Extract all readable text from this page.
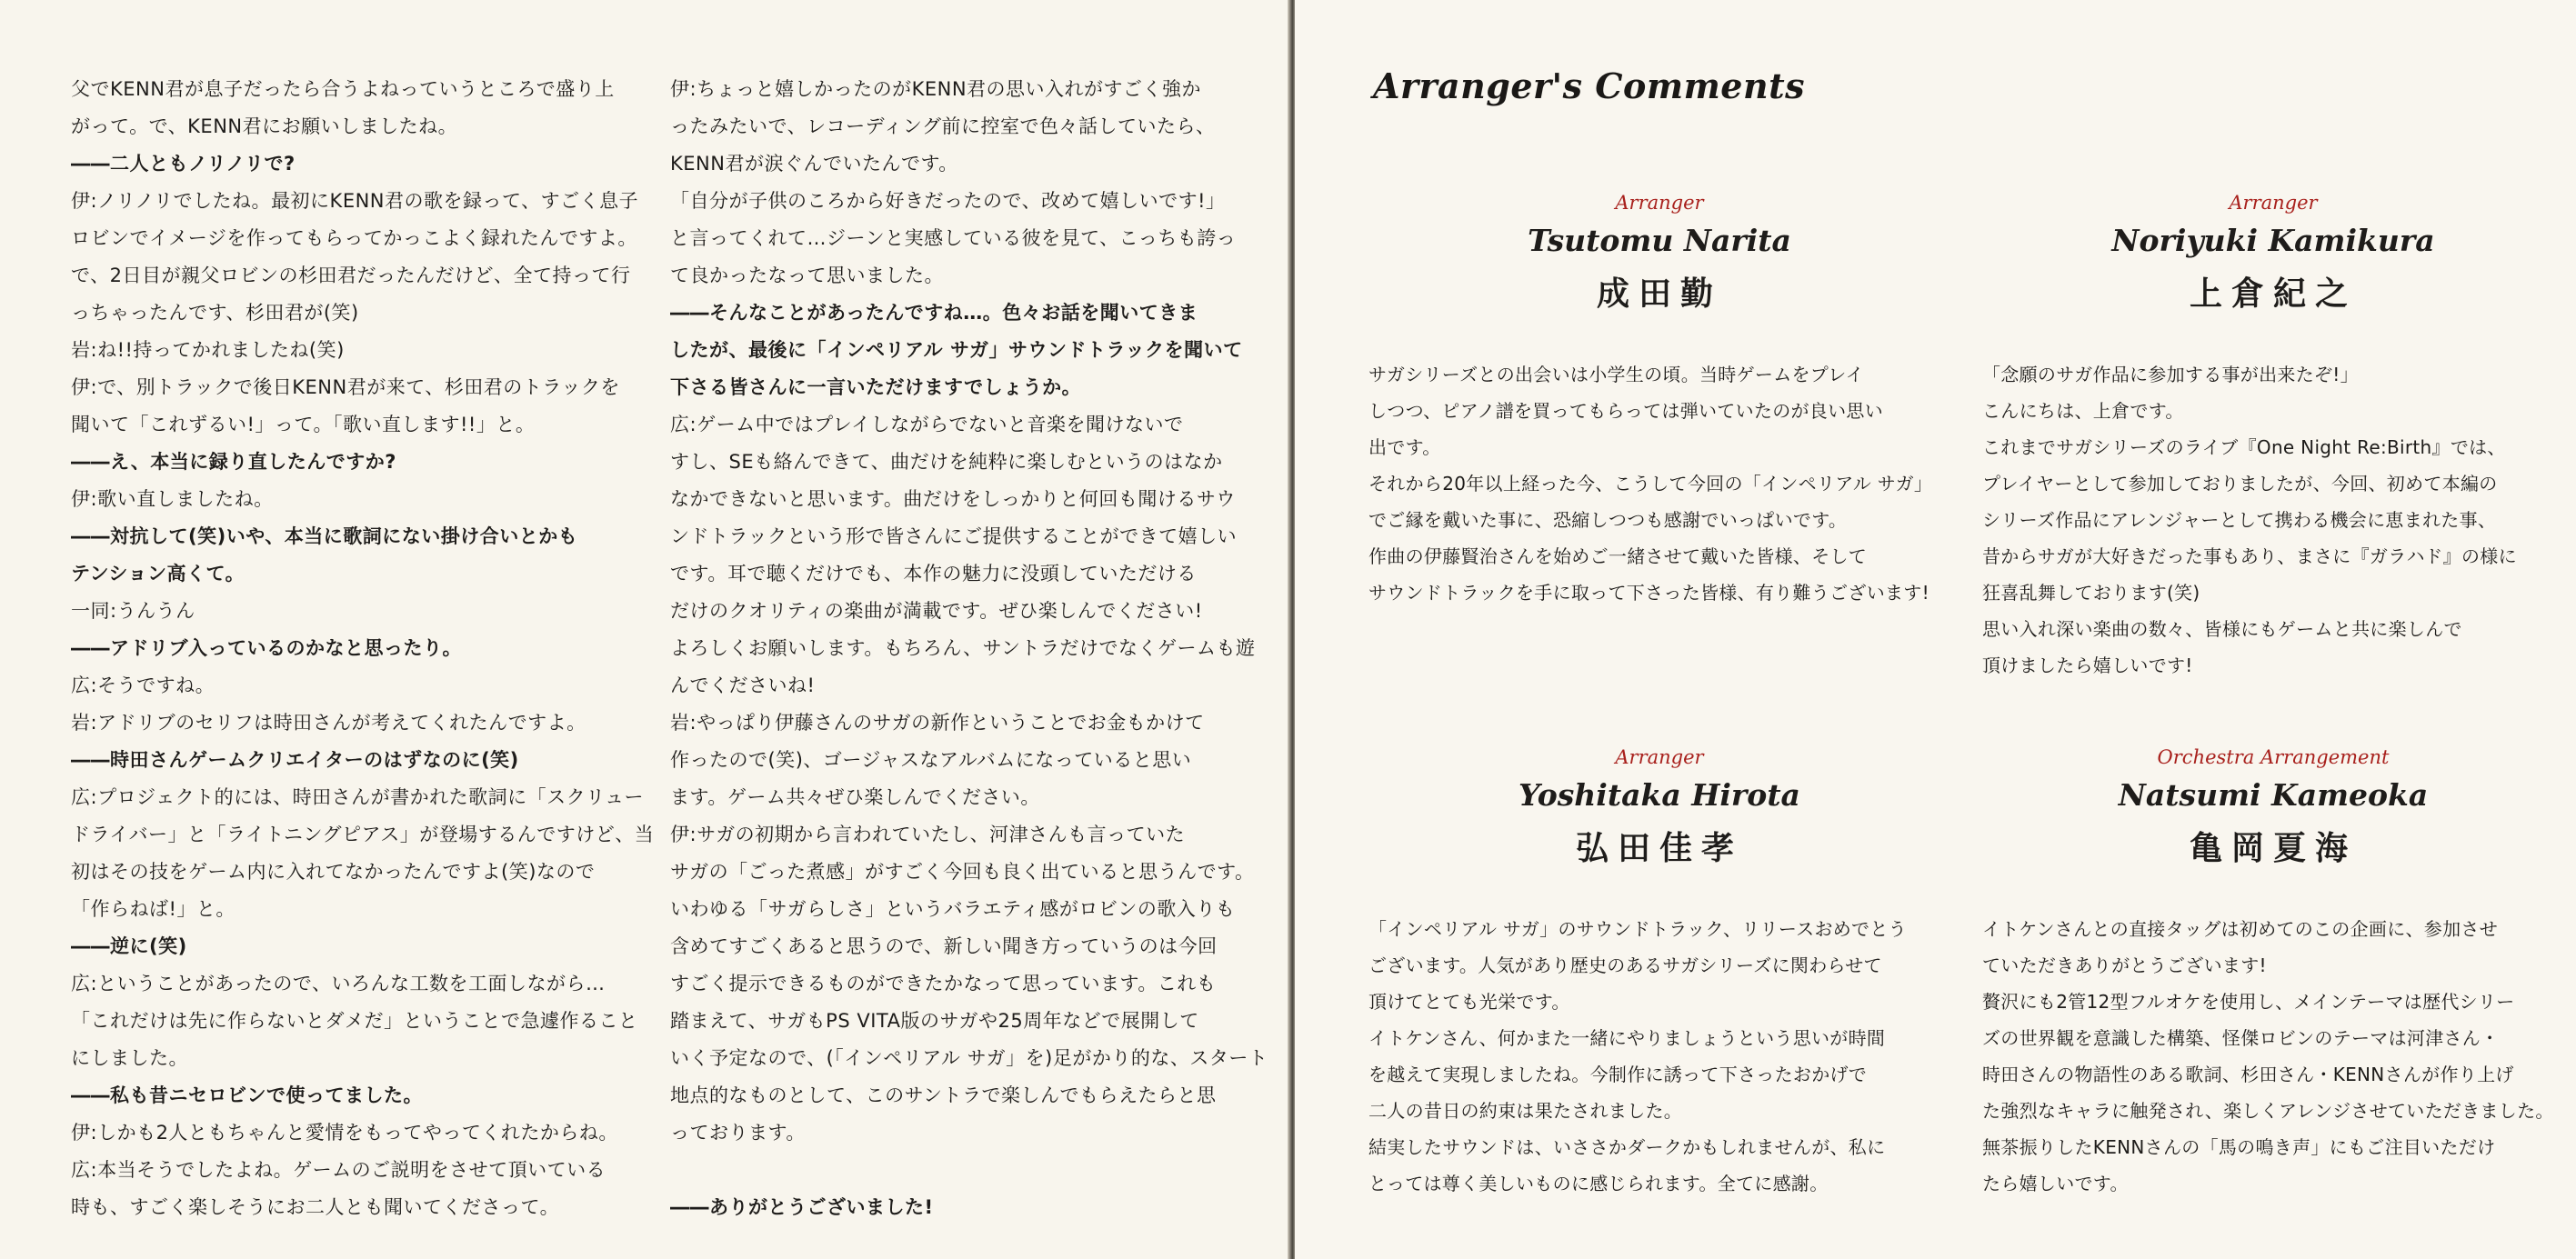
父でKENN君が息子だったら合うよねっていうところで盛り上

がって。で、KENN君にお願いしましたね。

――二人ともノリノリで?

伊:ノリノリでしたね。最初にKENN君の歌を録って、すごく息子

ロビンでイメージを作ってもらってかっこよく録れたんですよ。

で、2日目が親父ロビンの杉田君だったんだけど、全て持って行

っちゃったんです、杉田君が(笑)

岩:ね!!持ってかれましたね(笑)

伊:で、別トラックで後日KENN君が来て、杉田君のトラックを

聞いて「これずるい!」って。「歌い直します!!」と。

――え、本当に録り直したんですか?

伊:歌い直しましたね。

――対抗して(笑)いや、本当に歌詞にない掛け合いとかも

テンション高くて。

一同:うんうん

――アドリブ入っているのかなと思ったり。

広:そうですね。

岩:アドリブのセリフは時田さんが考えてくれたんですよ。

――時田さんゲームクリエイターのはずなのに(笑)

広:プロジェクト的には、時田さんが書かれた歌詞に「スクリュー

ドライバー」と「ライトニングピアス」が登場するんですけど、当

初はその技をゲーム内に入れてなかったんですよ(笑)なので

「作らねば!」と。

――逆に(笑)

広:ということがあったので、いろんな工数を工面しながら…

「これだけは先に作らないとダメだ」ということで急遽作ること

にしました。

――私も昔ニセロビンで使ってました。

伊:しかも2人ともちゃんと愛情をもってやってくれたからね。

広:本当そうでしたよね。ゲームのご説明をさせて頂いている

時も、すごく楽しそうにお二人とも聞いてくださって。

伊:ちょっと嬉しかったのがKENN君の思い入れがすごく強か

ったみたいで、レコーディング前に控室で色々話していたら、

KENN君が涙ぐんでいたんです。

「自分が子供のころから好きだったので、改めて嬉しいです!」

と言ってくれて…ジーンと実感している彼を見て、こっちも誇っ

て良かったなって思いました。

――そんなことがあったんですね…。色々お話を聞いてきま

したが、最後に「インペリアル サガ」サウンドトラックを聞いて

下さる皆さんに一言いただけますでしょうか。

広:ゲーム中ではプレイしながらでないと音楽を聞けないで

すし、SEも絡んできて、曲だけを純粋に楽しむというのはなか

なかできないと思います。曲だけをしっかりと何回も聞けるサウ

ンドトラックという形で皆さんにご提供することができて嬉しい

です。耳で聴くだけでも、本作の魅力に没頭していただける

だけのクオリティの楽曲が満載です。ぜひ楽しんでください!

よろしくお願いします。もちろん、サントラだけでなくゲームも遊

んでくださいね!

岩:やっぱり伊藤さんのサガの新作ということでお金もかけて

作ったので(笑)、ゴージャスなアルバムになっていると思い

ます。ゲーム共々ぜひ楽しんでください。

伊:サガの初期から言われていたし、河津さんも言っていた

サガの「ごった煮感」がすごく今回も良く出ていると思うんです。

いわゆる「サガらしさ」というバラエティ感がロビンの歌入りも

含めてすごくあると思うので、新しい聞き方っていうのは今回

すごく提示できるものができたかなって思っています。これも

踏まえて、サガもPS VITA版のサガや25周年などで展開して

いく予定なので、(「インペリアル サガ」を)足がかり的な、スタート

地点的なものとして、このサントラで楽しんでもらえたらと思

っております。

――ありがとうございました!

Arranger's Comments
Arranger
Tsutomu Narita
成田勤

サガシリーズとの出会いは小学生の頃。当時ゲームをプレイ

しつつ、ピアノ譜を買ってもらっては弾いていたのが良い思い

出です。

それから20年以上経った今、こうして今回の「インペリアル サガ」

でご縁を戴いた事に、恐縮しつつも感謝でいっぱいです。

作曲の伊藤賢治さんを始めご一緒させて戴いた皆様、そして

サウンドトラックを手に取って下さった皆様、有り難うございます!

Arranger
Noriyuki Kamikura
上倉紀之

「念願のサガ作品に参加する事が出来たぞ!」

こんにちは、上倉です。

これまでサガシリーズのライブ『One Night Re:Birth』では、

プレイヤーとして参加しておりましたが、今回、初めて本編の

シリーズ作品にアレンジャーとして携わる機会に恵まれた事、

昔からサガが大好きだった事もあり、まさに『ガラハド』の様に

狂喜乱舞しております(笑)

思い入れ深い楽曲の数々、皆様にもゲームと共に楽しんで

頂けましたら嬉しいです!

Arranger
Yoshitaka Hirota
弘田佳孝

「インペリアル サガ」のサウンドトラック、リリースおめでとう

ございます。人気があり歴史のあるサガシリーズに関わらせて

頂けてとても光栄です。

イトケンさん、何かまた一緒にやりましょうという思いが時間

を越えて実現しましたね。今制作に誘って下さったおかげで

二人の昔日の約束は果たされました。

結実したサウンドは、いささかダークかもしれませんが、私に

とっては尊く美しいものに感じられます。全てに感謝。

Orchestra Arrangement
Natsumi Kameoka
亀岡夏海

イトケンさんとの直接タッグは初めてのこの企画に、参加させ

ていただきありがとうございます!

贅沢にも2管12型フルオケを使用し、メインテーマは歴代シリー

ズの世界観を意識した構築、怪傑ロビンのテーマは河津さん・

時田さんの物語性のある歌詞、杉田さん・KENNさんが作り上げ

た強烈なキャラに触発され、楽しくアレンジさせていただきました。

無茶振りしたKENNさんの「馬の鳴き声」にもご注目いただけ

たら嬉しいです。
